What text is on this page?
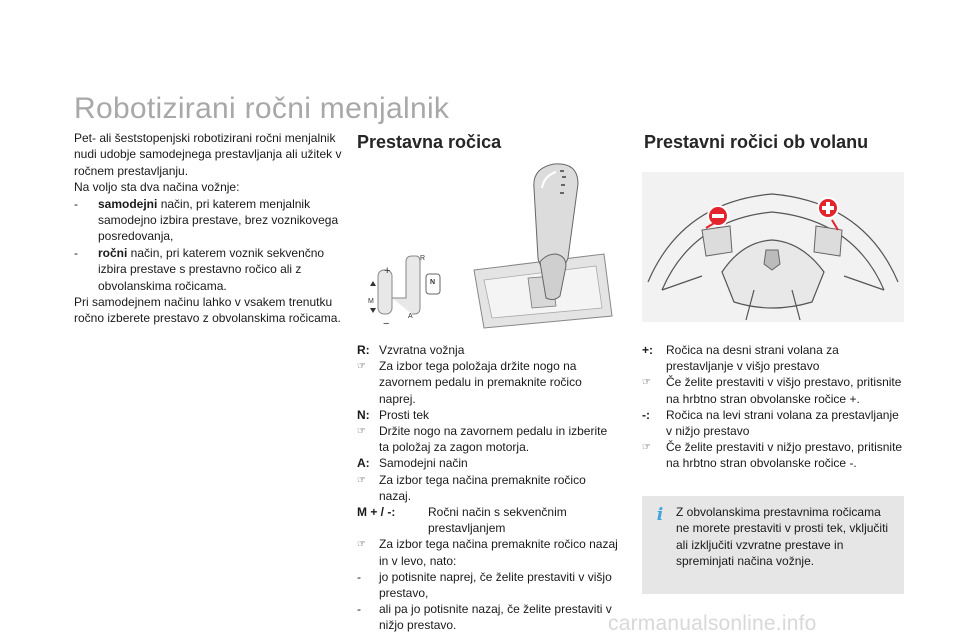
Robotizirani ročni menjalnik

Pet- ali šeststopenjski robotizirani ročni menjalnik nudi udobje samodejnega prestavljanja ali užitek v ročnem prestavljanju.

Na voljo sta dva načina vožnje:

- samodejni način, pri katerem menjalnik samodejno izbira prestave, brez voznikovega posredovanja,
- ročni način, pri katerem voznik sekvenčno izbira prestave s prestavno ročico ali z obvolanskima ročicama.

Pri samodejnem načinu lahko v vsakem trenutku ročno izberete prestavo z obvolanskima ročicama.

Prestavna ročica	Prestavni ročici ob volanu
+
R
N
M
A
−
R: Vzvratna vožnja
☞	Za izbor tega položaja držite nogo na zavornem pedalu in premaknite ročico naprej.
N: Prosti tek
☞	Držite nogo na zavornem pedalu in izberite ta položaj za zagon motorja.
A: Samodejni način
☞	Za izbor tega načina premaknite ročico nazaj.
M + / -:	Ročni način s sekvenčnim prestavljanjem
☞	Za izbor tega načina premaknite ročico nazaj in v levo, nato:
-	jo potisnite naprej, če želite prestaviti v višjo prestavo,
-	ali pa jo potisnite nazaj, če želite prestaviti v nižjo prestavo.
+:	Ročica na desni strani volana za prestavljanje v višjo prestavo
☞	Če želite prestaviti v višjo prestavo, pritisnite na hrbtno stran obvolanske ročice +.
-:	Ročica na levi strani volana za prestavljanje v nižjo prestavo
☞	Če želite prestaviti v nižjo prestavo, pritisnite na hrbtno stran obvolanske ročice -.
i	Z obvolanskima prestavnima ročicama ne morete prestaviti v prosti tek, vključiti ali izključiti vzvratne prestave in spreminjati načina vožnje.
carmanualsonline.info
